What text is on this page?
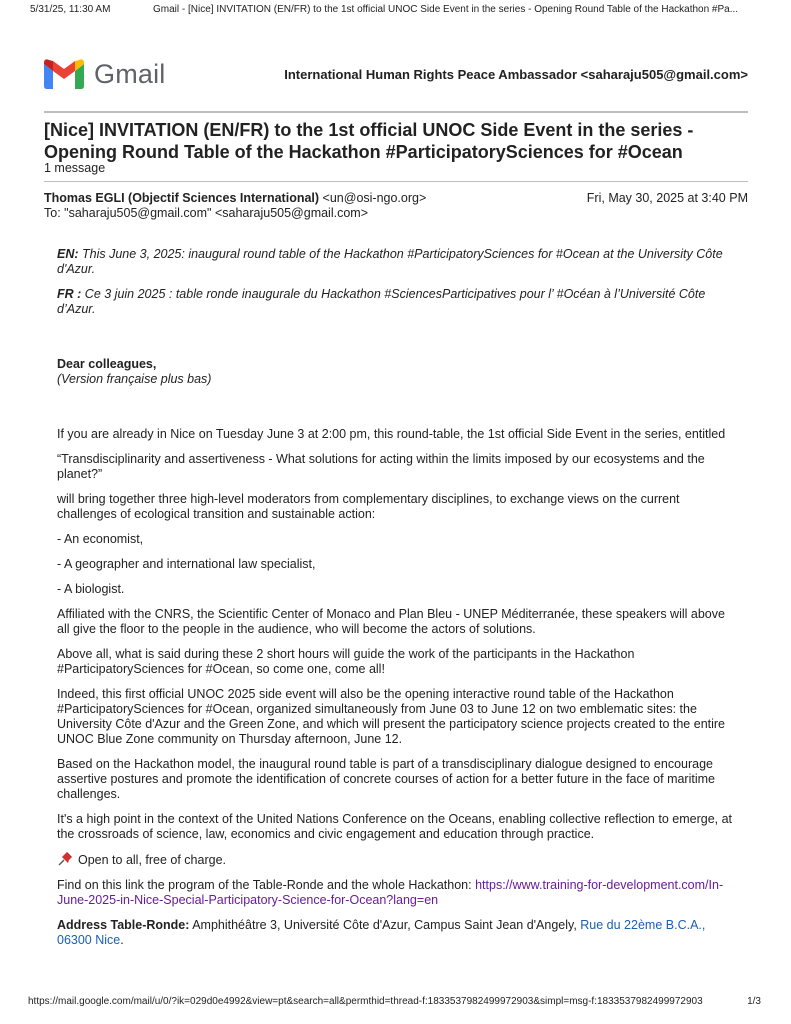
5/31/25, 11:30 AM	Gmail - [Nice] INVITATION (EN/FR) to the 1st official UNOC Side Event in the series - Opening Round Table of the Hackathon #Pa...
Gmail	International Human Rights Peace Ambassador <saharaju505@gmail.com>
[Nice] INVITATION (EN/FR) to the 1st official UNOC Side Event in the series - Opening Round Table of the Hackathon #ParticipatorySciences for #Ocean
1 message
Thomas EGLI (Objectif Sciences International) <un@osi-ngo.org>	Fri, May 30, 2025 at 3:40 PM
To: "saharaju505@gmail.com" <saharaju505@gmail.com>

EN: This June 3, 2025: inaugural round table of the Hackathon #ParticipatorySciences for #Ocean at the University Côte d'Azur.

FR : Ce 3 juin 2025 : table ronde inaugurale du Hackathon #SciencesParticipatives pour l’ #Océan à l’Université Côte d’Azur.

Dear colleagues,

(Version française plus bas)

If you are already in Nice on Tuesday June 3 at 2:00 pm, this round-table, the 1st official Side Event in the series, entitled

“Transdisciplinarity and assertiveness - What solutions for acting within the limits imposed by our ecosystems and the planet?”

will bring together three high-level moderators from complementary disciplines, to exchange views on the current challenges of ecological transition and sustainable action:

- An economist,

- A geographer and international law specialist,

- A biologist.

Affiliated with the CNRS, the Scientific Center of Monaco and Plan Bleu - UNEP Méditerranée, these speakers will above all give the floor to the people in the audience, who will become the actors of solutions.

Above all, what is said during these 2 short hours will guide the work of the participants in the Hackathon #ParticipatorySciences for #Ocean, so come one, come all!

Indeed, this first official UNOC 2025 side event will also be the opening interactive round table of the Hackathon #ParticipatorySciences for #Ocean, organized simultaneously from June 03 to June 12 on two emblematic sites: the University Côte d'Azur and the Green Zone, and which will present the participatory science projects created to the entire UNOC Blue Zone community on Thursday afternoon, June 12.

Based on the Hackathon model, the inaugural round table is part of a transdisciplinary dialogue designed to encourage assertive postures and promote the identification of concrete courses of action for a better future in the face of maritime challenges.

It's a high point in the context of the United Nations Conference on the Oceans, enabling collective reflection to emerge, at the crossroads of science, law, economics and civic engagement and education through practice.

Open to all, free of charge.

Find on this link the program of the Table-Ronde and the whole Hackathon: https://www.training-for-development.com/In-June-2025-in-Nice-Special-Participatory-Science-for-Ocean?lang=en

Address Table-Ronde: Amphithéâtre 3, Université Côte d'Azur, Campus Saint Jean d'Angely, Rue du 22ème B.C.A., 06300 Nice.

https://mail.google.com/mail/u/0/?ik=029d0e4992&view=pt&search=all&permthid=thread-f:1833537982499972903&simpl=msg-f:1833537982499972903	1/3
